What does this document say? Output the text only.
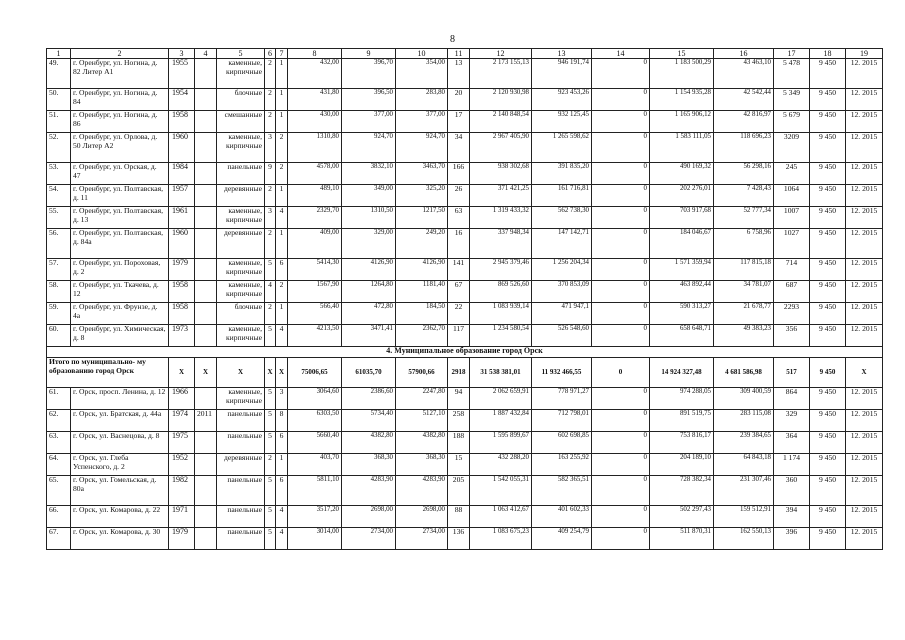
8
1	2	3	4	5	6	7	8	9	10	11	12	13	14	15	16	17	18	19
49.	г. Оренбург, ул. Ногина, д. 82 Литер А1	1955		каменные, кирпичные	2	1	432,00	396,70	354,00	13	2 173 155,13	946 191,74	0	1 183 500,29	43 463,10	5 478	9 450	12. 2015
50.	г. Оренбург, ул. Ногина, д. 84	1954		блочные	2	1	431,80	396,50	283,80	20	2 120 930,98	923 453,26	0	1 154 935,28	42 542,44	5 349	9 450	12. 2015
51.	г. Оренбург, ул. Ногина, д. 86	1958		смешанные	2	1	430,00	377,00	377,00	17	2 140 848,54	932 125,45	0	1 165 906,12	42 816,97	5 679	9 450	12. 2015
52.	г. Оренбург, ул. Орлова, д. 50 Литер А2	1960		каменные, кирпичные	3	2	1310,80	924,70	924,70	34	2 967 405,90	1 265 598,62	0	1 583 111,05	118 696,23	3209	9 450	12. 2015
53.	г. Оренбург, ул. Орская, д. 47	1984		панельные	9	2	4578,00	3832,10	3463,70	166	938 302,68	391 835,20	0	490 169,32	56 298,16	245	9 450	12. 2015
54.	г. Оренбург, ул. Полтавская, д. 11	1957		деревянные	2	1	489,10	349,00	325,20	26	371 421,25	161 716,81	0	202 276,01	7 428,43	1064	9 450	12. 2015
55.	г. Оренбург, ул. Полтавская, д. 13	1961		каменные, кирпичные	3	4	2329,70	1310,50	1217,50	63	1 319 433,32	562 738,30	0	703 917,68	52 777,34	1007	9 450	12. 2015
56.	г. Оренбург, ул. Полтавская, д. 84а	1960		деревянные	2	1	409,00	329,00	249,20	16	337 948,34	147 142,71	0	184 046,67	6 758,96	1027	9 450	12. 2015
57.	г. Оренбург, ул. Пороховая, д. 2	1979		каменные, кирпичные	5	6	5414,30	4126,90	4126,90	141	2 945 379,46	1 256 204,34	0	1 571 359,94	117 815,18	714	9 450	12. 2015
58.	г. Оренбург, ул. Ткачева, д. 12	1958		каменные, кирпичные	4	2	1567,90	1264,80	1181,40	67	869 526,60	370 853,09	0	463 892,44	34 781,07	687	9 450	12. 2015
59.	г. Оренбург, ул. Фрунзе, д. 4а	1958		блочные	2	1	566,40	472,80	184,50	22	1 083 939,14	471 947,1	0	590 313,27	21 678,77	2293	9 450	12. 2015
60.	г. Оренбург, ул. Химическая, д. 8	1973		каменные, кирпичные	5	4	4213,50	3471,41	2362,70	117	1 234 580,54	526 548,60	0	658 648,71	49 383,23	356	9 450	12. 2015
4. Муниципальное образование город Орск																		
Итого по муниципально- му образованию город Орск		X	X	X	X	X	75006,65	61035,70	57900,66	2918	31 538 381,01	11 932 466,55	0	14 924 327,48	4 681 586,98	517	9 450	X
61.	г. Орск, просп. Ленина, д. 12	1966		каменные, кирпичные	5	3	3064,60	2386,60	2247,80	94	2 062 659,91	778 971,27	0	974 288,05	309 400,59	864	9 450	12. 2015
62.	г. Орск, ул. Братская, д. 44а	1974	2011	панельные	5	8	6303,50	5734,40	5127,10	258	1 887 432,84	712 798,01	0	891 519,75	283 115,08	329	9 450	12. 2015
63.	г. Орск, ул. Васнецова, д. 8	1975		панельные	5	6	5660,40	4382,80	4382,80	188	1 595 899,67	602 698,85	0	753 816,17	239 384,65	364	9 450	12. 2015
64.	г. Орск, ул. Глеба Успенского, д. 2	1952		деревянные	2	1	403,70	368,30	368,30	15	432 288,20	163 255,92	0	204 189,10	64 843,18	1 174	9 450	12. 2015
65.	г. Орск, ул. Гомельская, д. 80а	1982		панельные	5	6	5811,10	4283,90	4283,90	205	1 542 055,31	582 365,51	0	728 382,34	231 307,46	360	9 450	12. 2015
66.	г. Орск, ул. Комарова, д. 22	1971		панельные	5	4	3517,20	2698,00	2698,00	88	1 063 412,67	401 602,33	0	502 297,43	159 512,91	394	9 450	12. 2015
67.	г. Орск, ул. Комарова, д. 30	1979		панельные	5	4	3014,00	2734,00	2734,00	136	1 083 675,23	409 254,79	0	511 870,31	162 550,13	396	9 450	12. 2015
